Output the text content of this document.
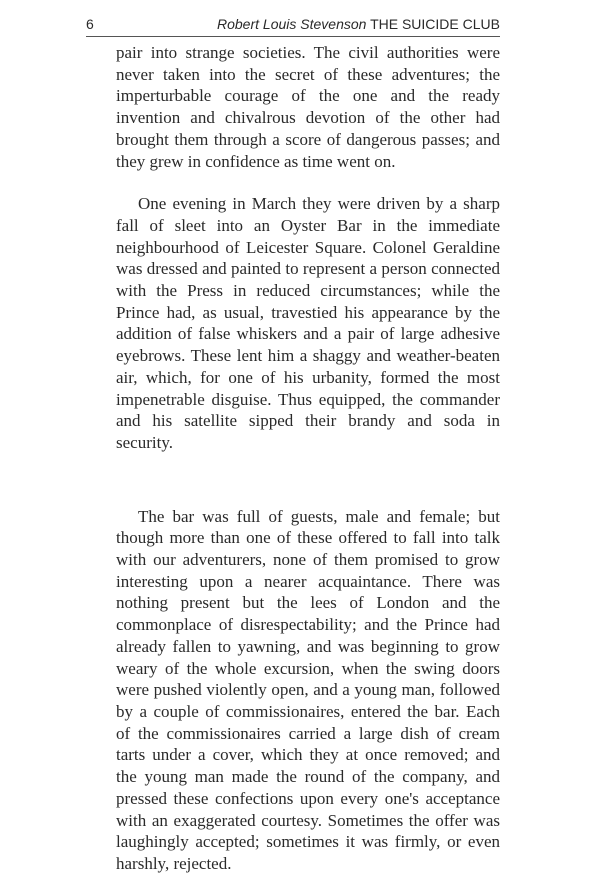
6	Robert Louis Stevenson THE SUICIDE CLUB

pair into strange societies. The civil authorities were never taken into the secret of these adventures; the imperturbable courage of the one and the ready invention and chivalrous devotion of the other had brought them through a score of dangerous passes; and they grew in confidence as time went on.

One evening in March they were driven by a sharp fall of sleet into an Oyster Bar in the immediate neighbourhood of Leicester Square. Colonel Geraldine was dressed and painted to represent a person connected with the Press in reduced circumstances; while the Prince had, as usual, travestied his appearance by the addition of false whiskers and a pair of large adhesive eyebrows. These lent him a shaggy and weather-beaten air, which, for one of his urbanity, formed the most impenetrable disguise. Thus equipped, the commander and his satellite sipped their brandy and soda in security.

The bar was full of guests, male and female; but though more than one of these offered to fall into talk with our adventurers, none of them promised to grow interesting upon a nearer acquaintance. There was nothing present but the lees of London and the commonplace of disrespectability; and the Prince had already fallen to yawning, and was beginning to grow weary of the whole excursion, when the swing doors were pushed violently open, and a young man, followed by a couple of commissionaires, entered the bar. Each of the commissionaires carried a large dish of cream tarts under a cover, which they at once removed; and the young man made the round of the company, and pressed these confections upon every one's acceptance with an exaggerated courtesy. Sometimes the offer was laughingly accepted; sometimes it was firmly, or even harshly, rejected.
